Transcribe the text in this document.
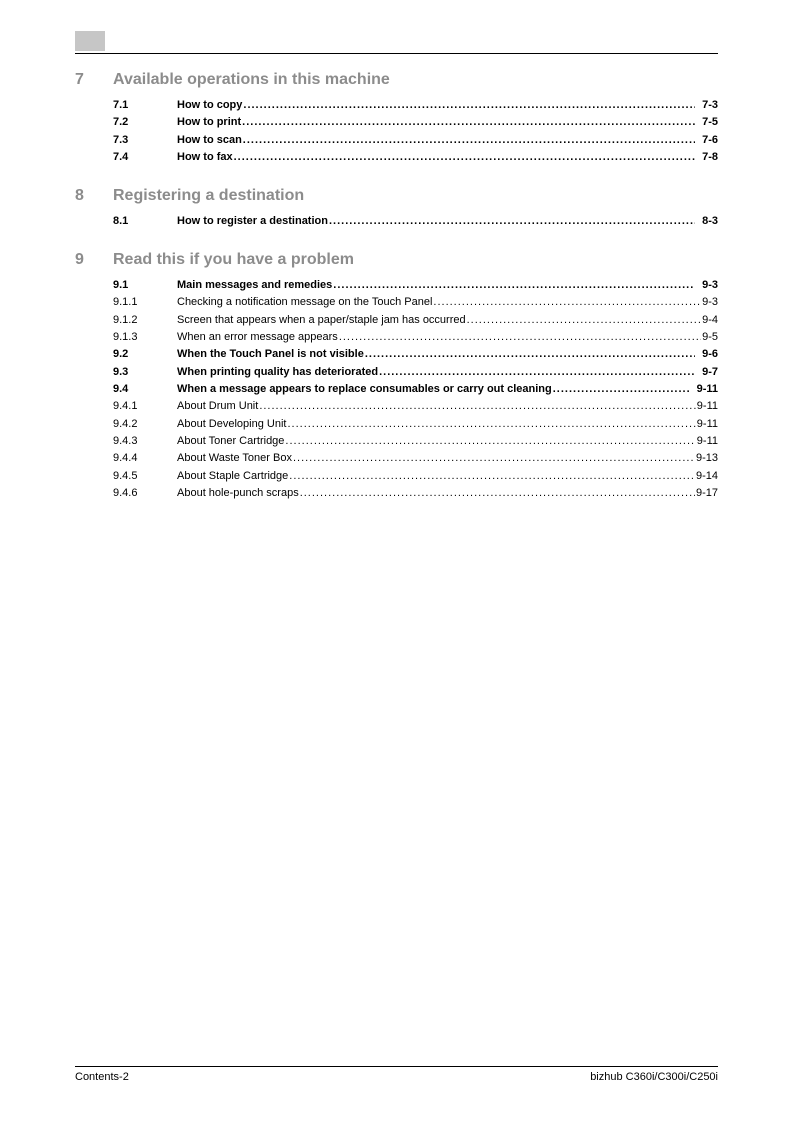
7 Available operations in this machine
7.1	How to copy .....	7-3
7.2	How to print .....	7-5
7.3	How to scan .....	7-6
7.4	How to fax .....	7-8
8 Registering a destination
8.1	How to register a destination .....	8-3
9 Read this if you have a problem
9.1	Main messages and remedies .....	9-3
9.1.1	Checking a notification message on the Touch Panel .....	9-3
9.1.2	Screen that appears when a paper/staple jam has occurred .....	9-4
9.1.3	When an error message appears .....	9-5
9.2	When the Touch Panel is not visible .....	9-6
9.3	When printing quality has deteriorated .....	9-7
9.4	When a message appears to replace consumables or carry out cleaning .....	9-11
9.4.1	About Drum Unit .....	9-11
9.4.2	About Developing Unit .....	9-11
9.4.3	About Toner Cartridge .....	9-11
9.4.4	About Waste Toner Box .....	9-13
9.4.5	About Staple Cartridge .....	9-14
9.4.6	About hole-punch scraps .....	9-17
Contents-2	bizhub C360i/C300i/C250i
